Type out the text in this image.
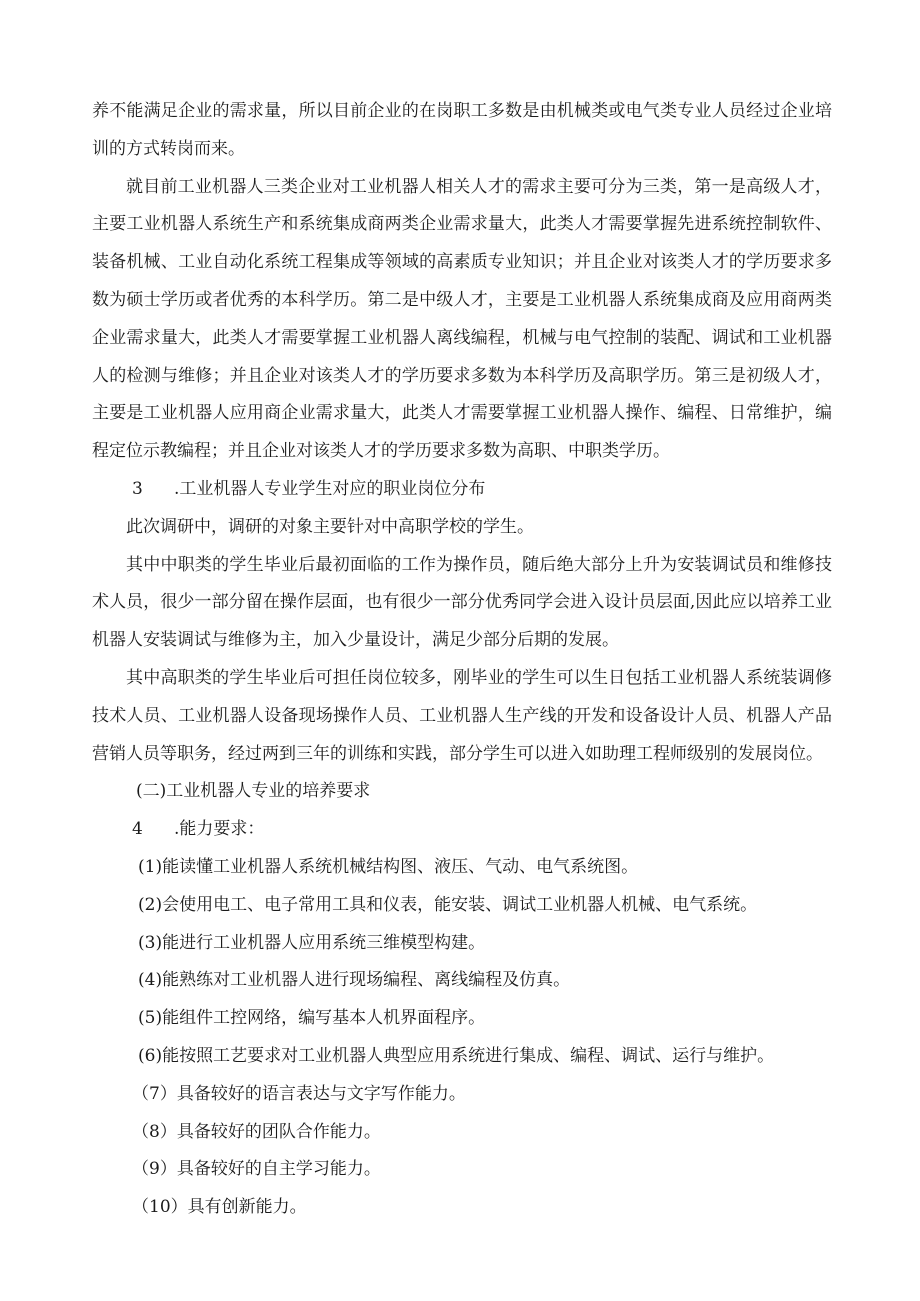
养不能满足企业的需求量，所以目前企业的在岗职工多数是由机械类或电气类专业人员经过企业培训的方式转岗而来。

就目前工业机器人三类企业对工业机器人相关人才的需求主要可分为三类，第一是高级人才，主要工业机器人系统生产和系统集成商两类企业需求量大，此类人才需要掌握先进系统控制软件、装备机械、工业自动化系统工程集成等领域的高素质专业知识；并且企业对该类人才的学历要求多数为硕士学历或者优秀的本科学历。第二是中级人才，主要是工业机器人系统集成商及应用商两类企业需求量大，此类人才需要掌握工业机器人离线编程，机械与电气控制的装配、调试和工业机器人的检测与维修；并且企业对该类人才的学历要求多数为本科学历及高职学历。第三是初级人才，主要是工业机器人应用商企业需求量大，此类人才需要掌握工业机器人操作、编程、日常维护，编程定位示教编程；并且企业对该类人才的学历要求多数为高职、中职类学历。

3 .工业机器人专业学生对应的职业岗位分布

此次调研中，调研的对象主要针对中高职学校的学生。

其中中职类的学生毕业后最初面临的工作为操作员，随后绝大部分上升为安装调试员和维修技术人员，很少一部分留在操作层面，也有很少一部分优秀同学会进入设计员层面,因此应以培养工业机器人安装调试与维修为主，加入少量设计，满足少部分后期的发展。

其中高职类的学生毕业后可担任岗位较多，刚毕业的学生可以生日包括工业机器人系统装调修技术人员、工业机器人设备现场操作人员、工业机器人生产线的开发和设备设计人员、机器人产品营销人员等职务，经过两到三年的训练和实践，部分学生可以进入如助理工程师级别的发展岗位。

(二)工业机器人专业的培养要求

4 .能力要求：

(1)能读懂工业机器人系统机械结构图、液压、气动、电气系统图。

(2)会使用电工、电子常用工具和仪表，能安装、调试工业机器人机械、电气系统。

(3)能进行工业机器人应用系统三维模型构建。

(4)能熟练对工业机器人进行现场编程、离线编程及仿真。

(5)能组件工控网络，编写基本人机界面程序。

(6)能按照工艺要求对工业机器人典型应用系统进行集成、编程、调试、运行与维护。

（7）具备较好的语言表达与文字写作能力。

（8）具备较好的团队合作能力。

（9）具备较好的自主学习能力。

（10）具有创新能力。
